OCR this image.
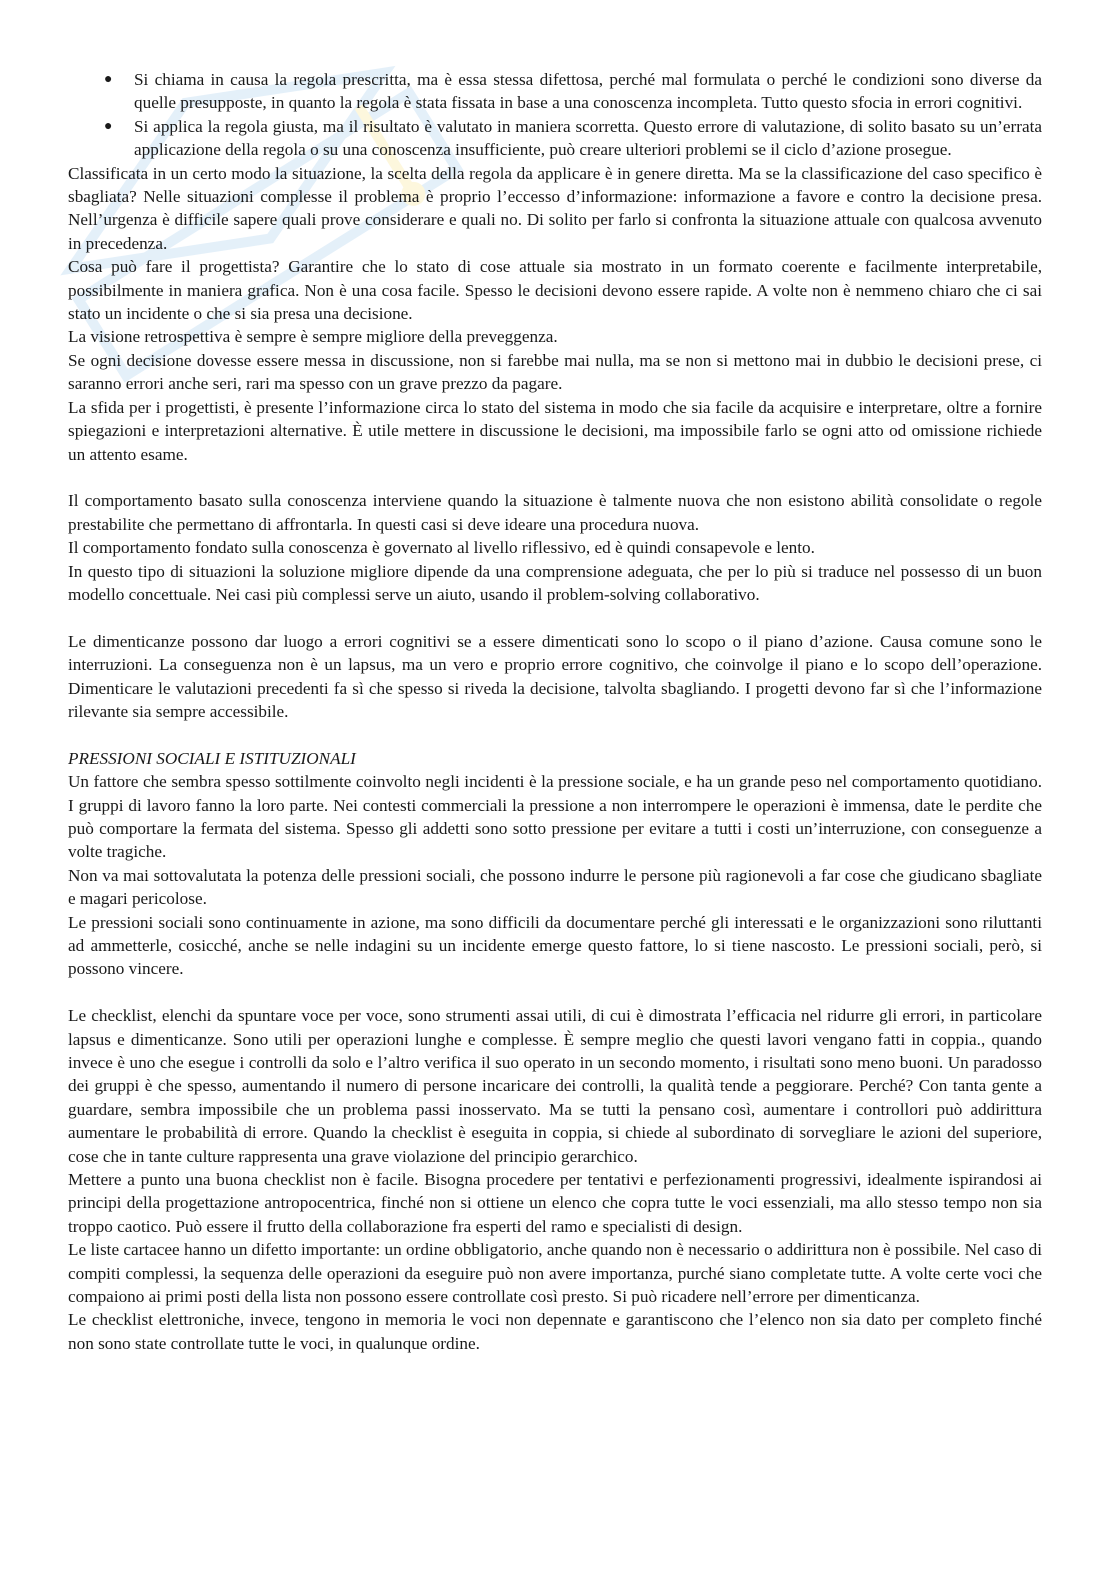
● Si chiama in causa la regola prescritta, ma è essa stessa difettosa, perché mal formulata o perché le condizioni sono diverse da quelle presupposte, in quanto la regola è stata fissata in base a una conoscenza incompleta. Tutto questo sfocia in errori cognitivi.
● Si applica la regola giusta, ma il risultato è valutato in maniera scorretta. Questo errore di valutazione, di solito basato su un’errata applicazione della regola o su una conoscenza insufficiente, può creare ulteriori problemi se il ciclo d’azione prosegue.

Classificata in un certo modo la situazione, la scelta della regola da applicare è in genere diretta. Ma se la classificazione del caso specifico è sbagliata? Nelle situazioni complesse il problema è proprio l’eccesso d’informazione: informazione a favore e contro la decisione presa. Nell’urgenza è difficile sapere quali prove considerare e quali no. Di solito per farlo si confronta la situazione attuale con qualcosa avvenuto in precedenza.

Cosa può fare il progettista? Garantire che lo stato di cose attuale sia mostrato in un formato coerente e facilmente interpretabile, possibilmente in maniera grafica. Non è una cosa facile. Spesso le decisioni devono essere rapide. A volte non è nemmeno chiaro che ci sai stato un incidente o che si sia presa una decisione.

La visione retrospettiva è sempre è sempre migliore della preveggenza.

Se ogni decisione dovesse essere messa in discussione, non si farebbe mai nulla, ma se non si mettono mai in dubbio le decisioni prese, ci saranno errori anche seri, rari ma spesso con un grave prezzo da pagare.

La sfida per i progettisti, è presente l’informazione circa lo stato del sistema in modo che sia facile da acquisire e interpretare, oltre a fornire spiegazioni e interpretazioni alternative. È utile mettere in discussione le decisioni, ma impossibile farlo se ogni atto od omissione richiede un attento esame.

Il comportamento basato sulla conoscenza interviene quando la situazione è talmente nuova che non esistono abilità consolidate o regole prestabilite che permettano di affrontarla. In questi casi si deve ideare una procedura nuova.

Il comportamento fondato sulla conoscenza è governato al livello riflessivo, ed è quindi consapevole e lento.

In questo tipo di situazioni la soluzione migliore dipende da una comprensione adeguata, che per lo più si traduce nel possesso di un buon modello concettuale. Nei casi più complessi serve un aiuto, usando il problem-solving collaborativo.

Le dimenticanze possono dar luogo a errori cognitivi se a essere dimenticati sono lo scopo o il piano d’azione. Causa comune sono le interruzioni. La conseguenza non è un lapsus, ma un vero e proprio errore cognitivo, che coinvolge il piano e lo scopo dell’operazione. Dimenticare le valutazioni precedenti fa sì che spesso si riveda la decisione, talvolta sbagliando. I progetti devono far sì che l’informazione rilevante sia sempre accessibile.

PRESSIONI SOCIALI E ISTITUZIONALI

Un fattore che sembra spesso sottilmente coinvolto negli incidenti è la pressione sociale, e ha un grande peso nel comportamento quotidiano. I gruppi di lavoro fanno la loro parte. Nei contesti commerciali la pressione a non interrompere le operazioni è immensa, date le perdite che può comportare la fermata del sistema. Spesso gli addetti sono sotto pressione per evitare a tutti i costi un’interruzione, con conseguenze a volte tragiche.

Non va mai sottovalutata la potenza delle pressioni sociali, che possono indurre le persone più ragionevoli a far cose che giudicano sbagliate e magari pericolose.

Le pressioni sociali sono continuamente in azione, ma sono difficili da documentare perché gli interessati e le organizzazioni sono riluttanti ad ammetterle, cosicché, anche se nelle indagini su un incidente emerge questo fattore, lo si tiene nascosto. Le pressioni sociali, però, si possono vincere.

Le checklist, elenchi da spuntare voce per voce, sono strumenti assai utili, di cui è dimostrata l’efficacia nel ridurre gli errori, in particolare lapsus e dimenticanze. Sono utili per operazioni lunghe e complesse. È sempre meglio che questi lavori vengano fatti in coppia., quando invece è uno che esegue i controlli da solo e l’altro verifica il suo operato in un secondo momento, i risultati sono meno buoni. Un paradosso dei gruppi è che spesso, aumentando il numero di persone incaricare dei controlli, la qualità tende a peggiorare. Perché? Con tanta gente a guardare, sembra impossibile che un problema passi inosservato. Ma se tutti la pensano così, aumentare i controllori può addirittura aumentare le probabilità di errore. Quando la checklist è eseguita in coppia, si chiede al subordinato di sorvegliare le azioni del superiore, cose che in tante culture rappresenta una grave violazione del principio gerarchico.

Mettere a punto una buona checklist non è facile. Bisogna procedere per tentativi e perfezionamenti progressivi, idealmente ispirandosi ai principi della progettazione antropocentrica, finché non si ottiene un elenco che copra tutte le voci essenziali, ma allo stesso tempo non sia troppo caotico. Può essere il frutto della collaborazione fra esperti del ramo e specialisti di design.

Le liste cartacee hanno un difetto importante: un ordine obbligatorio, anche quando non è necessario o addirittura non è possibile. Nel caso di compiti complessi, la sequenza delle operazioni da eseguire può non avere importanza, purché siano completate tutte. A volte certe voci che compaiono ai primi posti della lista non possono essere controllate così presto. Si può ricadere nell’errore per dimenticanza.

Le checklist elettroniche, invece, tengono in memoria le voci non depennate e garantiscono che l’elenco non sia dato per completo finché non sono state controllate tutte le voci, in qualunque ordine.
